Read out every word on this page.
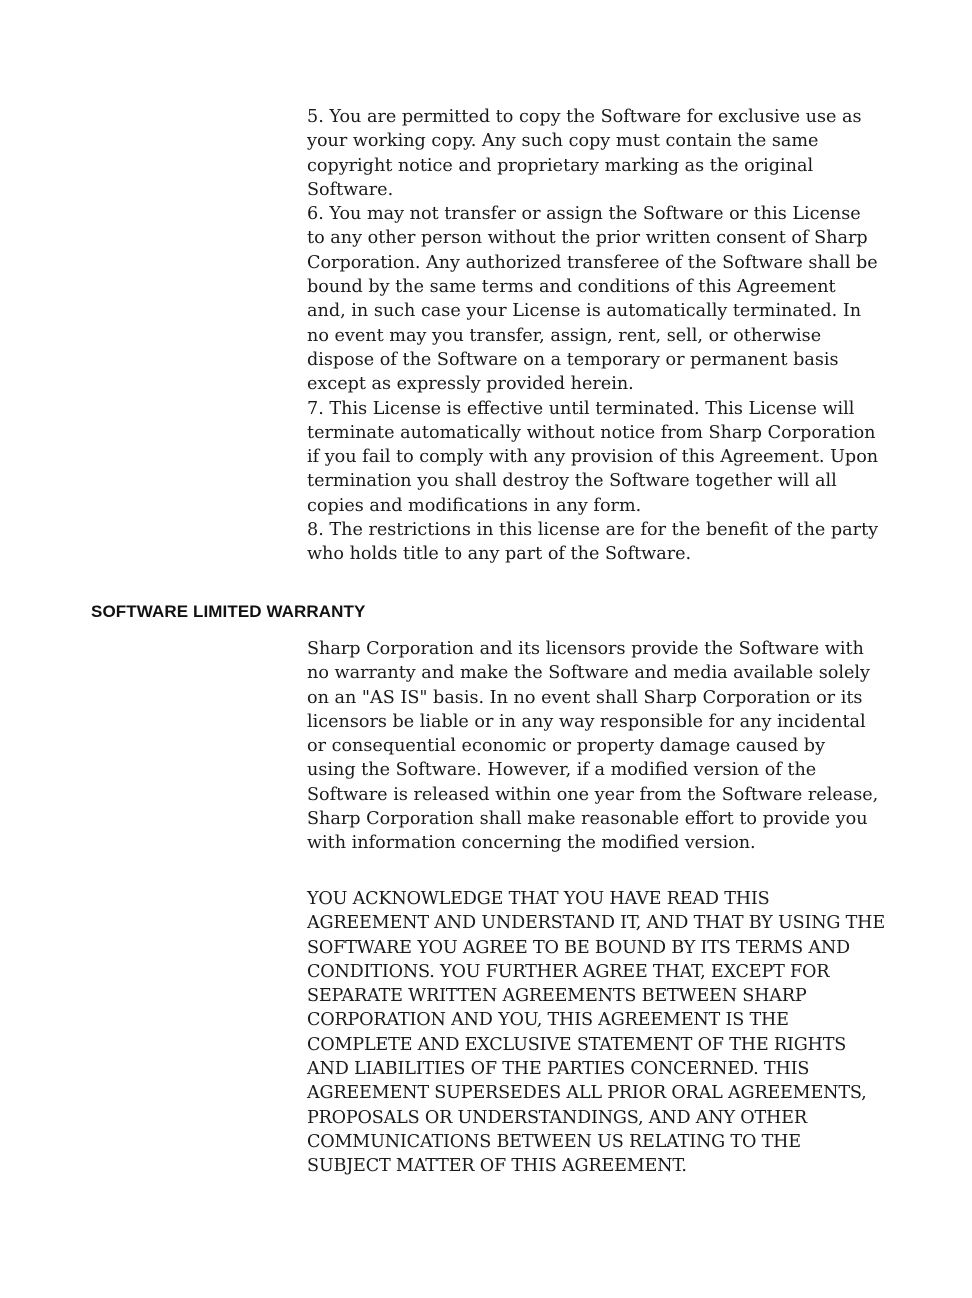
5. You are permitted to copy the Software for exclusive use as your working copy. Any such copy must contain the same copyright notice and proprietary marking as the original Software.

6. You may not transfer or assign the Software or this License to any other person without the prior written consent of Sharp Corporation. Any authorized transferee of the Software shall be bound by the same terms and conditions of this Agreement and, in such case your License is automatically terminated. In no event may you transfer, assign, rent, sell, or otherwise dispose of the Software on a temporary or permanent basis except as expressly provided herein.

7. This License is effective until terminated. This License will terminate automatically without notice from Sharp Corporation if you fail to comply with any provision of this Agreement. Upon termination you shall destroy the Software together will all copies and modifications in any form.

8. The restrictions in this license are for the benefit of the party who holds title to any part of the Software.

SOFTWARE LIMITED WARRANTY

Sharp Corporation and its licensors provide the Software with no warranty and make the Software and media available solely on an "AS IS" basis. In no event shall Sharp Corporation or its licensors be liable or in any way responsible for any incidental or consequential economic or property damage caused by using the Software. However, if a modified version of the Software is released within one year from the Software release, Sharp Corporation shall make reasonable effort to provide you with information concerning the modified version.

YOU ACKNOWLEDGE THAT YOU HAVE READ THIS AGREEMENT AND UNDERSTAND IT, AND THAT BY USING THE SOFTWARE YOU AGREE TO BE BOUND BY ITS TERMS AND CONDITIONS. YOU FURTHER AGREE THAT, EXCEPT FOR SEPARATE WRITTEN AGREEMENTS BETWEEN SHARP CORPORATION AND YOU, THIS AGREEMENT IS THE COMPLETE AND EXCLUSIVE STATEMENT OF THE RIGHTS AND LIABILITIES OF THE PARTIES CONCERNED. THIS AGREEMENT SUPERSEDES ALL PRIOR ORAL AGREEMENTS, PROPOSALS OR UNDERSTANDINGS, AND ANY OTHER COMMUNICATIONS BETWEEN US RELATING TO THE SUBJECT MATTER OF THIS AGREEMENT.
